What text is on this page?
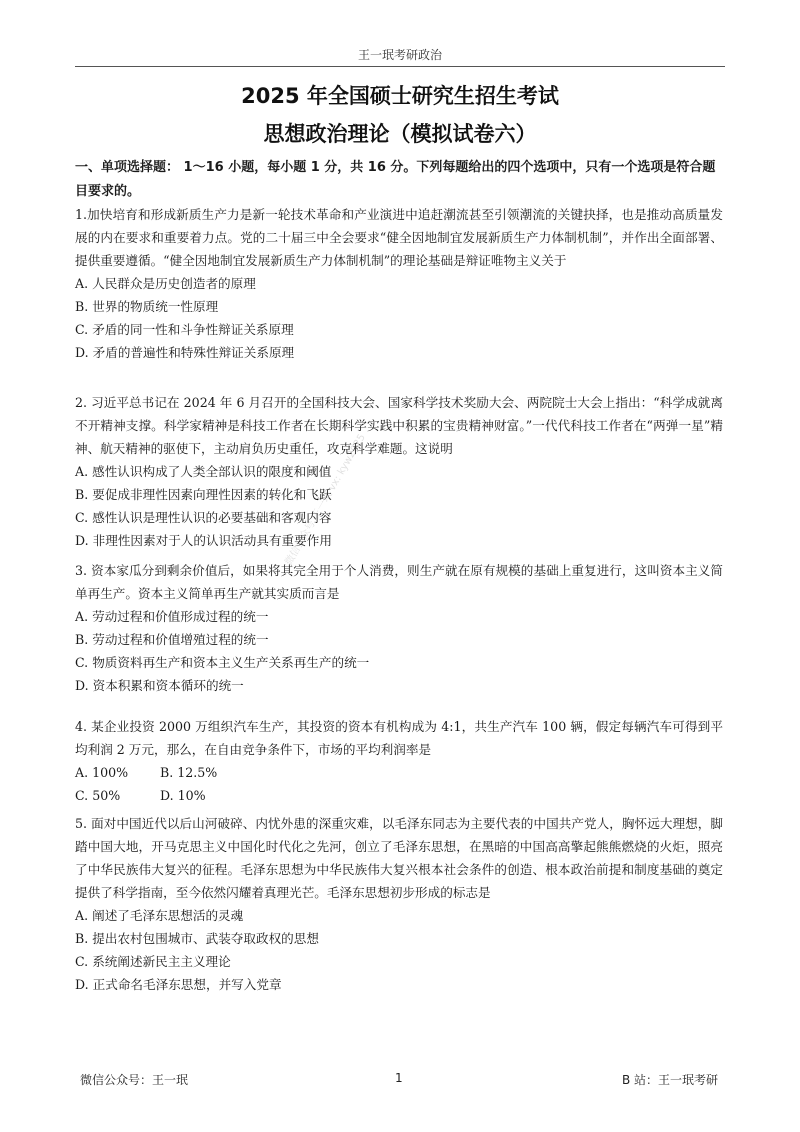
王一珉考研政治
2025 年全国硕士研究生招生考试
思想政治理论（模拟试卷六）
一、单项选择题： 1～16 小题，每小题 1 分，共 16 分。下列每题给出的四个选项中，只有一个选项是符合题目要求的。

1.加快培育和形成新质生产力是新一轮技术革命和产业演进中追赶潮流甚至引领潮流的关键抉择，也是推动高质量发展的内在要求和重要着力点。党的二十届三中全会要求“健全因地制宜发展新质生产力体制机制”，并作出全面部署、提供重要遵循。“健全因地制宜发展新质生产力体制机制”的理论基础是辩证唯物主义关于

A. 人民群众是历史创造者的原理

B. 世界的物质统一性原理

C. 矛盾的同一性和斗争性辩证关系原理

D. 矛盾的普遍性和特殊性辩证关系原理

2. 习近平总书记在 2024 年 6 月召开的全国科技大会、国家科学技术奖励大会、两院院士大会上指出：“科学成就离不开精神支撑。科学家精神是科技工作者在长期科学实践中积累的宝贵精神财富。”一代代科技工作者在“两弹一星”精神、航天精神的驱使下，主动肩负历史重任，攻克科学难题。这说明

A. 感性认识构成了人类全部认识的限度和阈值

B. 要促成非理性因素向理性因素的转化和飞跃

C. 感性认识是理性认识的必要基础和客观内容

D. 非理性因素对于人的认识活动具有重要作用

3. 资本家瓜分到剩余价值后，如果将其完全用于个人消费，则生产就在原有规模的基础上重复进行，这叫资本主义简单再生产。资本主义简单再生产就其实质而言是

A. 劳动过程和价值形成过程的统一

B. 劳动过程和价值增殖过程的统一

C. 物质资料再生产和资本主义生产关系再生产的统一

D. 资本积累和资本循环的统一

4. 某企业投资 2000 万组织汽车生产，其投资的资本有机构成为 4:1，共生产汽车 100 辆，假定每辆汽车可得到平均利润 2 万元，那么，在自由竞争条件下，市场的平均利润率是

A. 100%	B. 12.5%
C. 50%	D. 10%

5. 面对中国近代以后山河破碎、内忧外患的深重灾难，以毛泽东同志为主要代表的中国共产党人，胸怀远大理想，脚踏中国大地，开马克思主义中国化时代化之先河，创立了毛泽东思想，在黑暗的中国高高擎起熊熊燃烧的火炬，照亮了中华民族伟大复兴的征程。毛泽东思想为中华民族伟大复兴根本社会条件的创造、根本政治前提和制度基础的奠定提供了科学指南，至今依然闪耀着真理光芒。毛泽东思想初步形成的标志是

A. 阐述了毛泽东思想活的灵魂

B. 提出农村包围城市、武装夺取政权的思想

C. 系统阐述新民主主义理论

D. 正式命名毛泽东思想，并写入党章

微信公众号 王一珉 vx: kyw2025
微信公众号：王一珉	1	B 站：王一珉考研
